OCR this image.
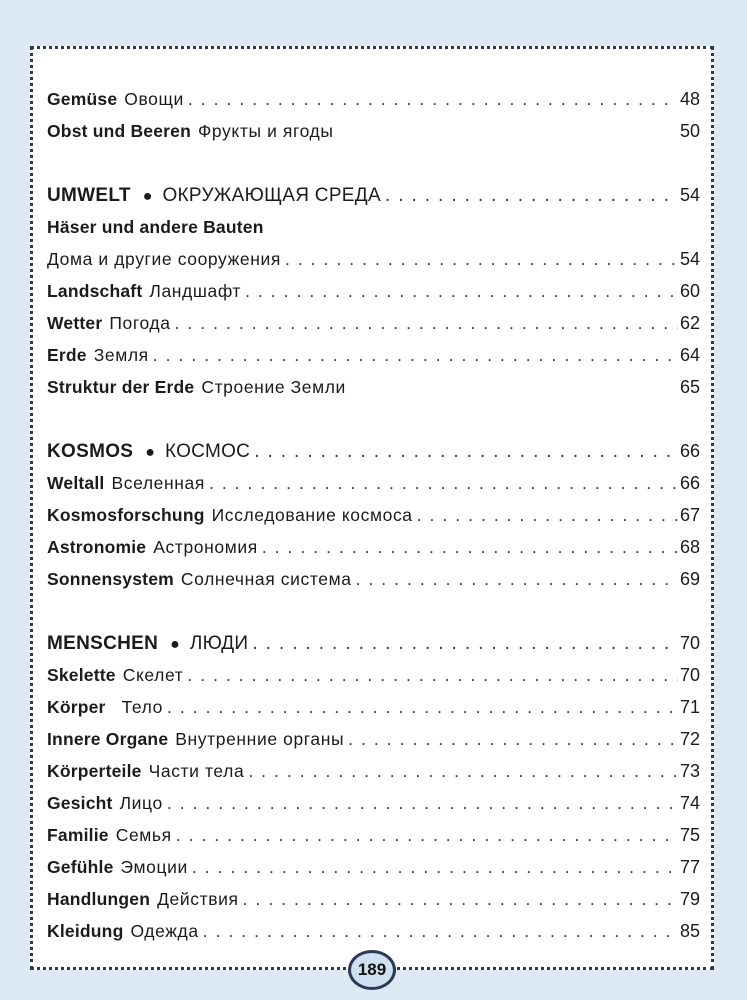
Gemüse Овощи .....	48
Obst und Beeren Фрукты и ягоды	50
UMWELT ● ОКРУЖАЮЩАЯ СРЕДА .....	54
Häser und andere Bauten
Дома и другие сооружения .....	54
Landschaft Ландшафт .....	60
Wetter Погода .....	62
Erde Земля .....	64
Struktur der Erde Строение Земли	65
KOSMOS ● КОСМОС .....	66
Weltall Вселенная .....	66
Kosmosforschung Исследование космоса .....	67
Astronomie Астрономия .....	68
Sonnensystem Солнечная система .....	69
MENSCHEN ● ЛЮДИ .....	70
Skelette Скелет .....	70
Körper Тело .....	71
Innere Organe Внутренние органы .....	72
Körperteile Части тела .....	73
Gesicht Лицо .....	74
Familie Семья .....	75
Gefühle Эмоции .....	77
Handlungen Действия .....	79
Kleidung Одежда .....	85
189
